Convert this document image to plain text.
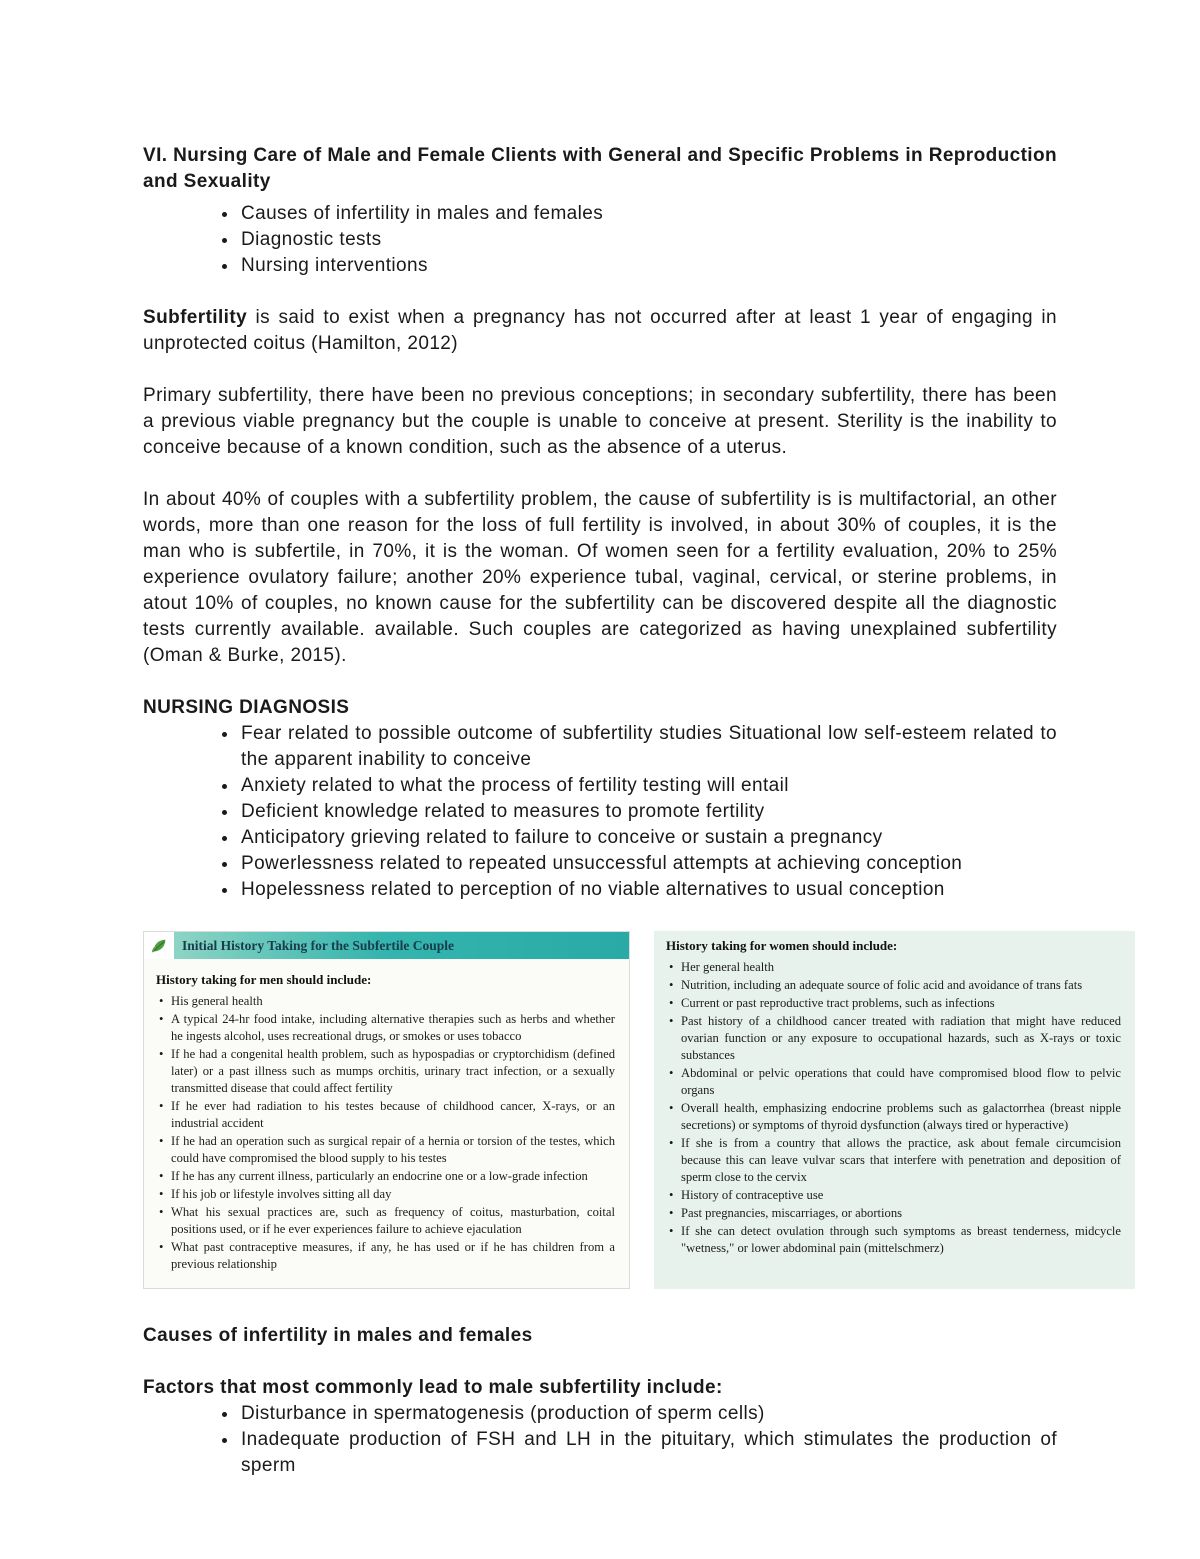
VI. Nursing Care of Male and Female Clients with General and Specific Problems in Reproduction and Sexuality
• Causes of infertility in males and females
• Diagnostic tests
• Nursing interventions

Subfertility is said to exist when a pregnancy has not occurred after at least 1 year of engaging in unprotected coitus (Hamilton, 2012)

Primary subfertility, there have been no previous conceptions; in secondary subfertility, there has been a previous viable pregnancy but the couple is unable to conceive at present. Sterility is the inability to conceive because of a known condition, such as the absence of a uterus.

In about 40% of couples with a subfertility problem, the cause of subfertility is is multifactorial, an other words, more than one reason for the loss of full fertility is involved, in about 30% of couples, it is the man who is subfertile, in 70%, it is the woman. Of women seen for a fertility evaluation, 20% to 25% experience ovulatory failure; another 20% experience tubal, vaginal, cervical, or sterine problems, in atout 10% of couples, no known cause for the subfertility can be discovered despite all the diagnostic tests currently available. available. Such couples are categorized as having unexplained subfertility (Oman & Burke, 2015).

NURSING DIAGNOSIS
• Fear related to possible outcome of subfertility studies Situational low self-esteem related to the apparent inability to conceive
• Anxiety related to what the process of fertility testing will entail
• Deficient knowledge related to measures to promote fertility
• Anticipatory grieving related to failure to conceive or sustain a pregnancy
• Powerlessness related to repeated unsuccessful attempts at achieving conception
• Hopelessness related to perception of no viable alternatives to usual conception
Initial History Taking for the Subfertile Couple

History taking for men should include:

• His general health
• A typical 24-hr food intake, including alternative therapies such as herbs and whether he ingests alcohol, uses recreational drugs, or smokes or uses tobacco
• If he had a congenital health problem, such as hypospadias or cryptorchidism (defined later) or a past illness such as mumps orchitis, urinary tract infection, or a sexually transmitted disease that could affect fertility
• If he ever had radiation to his testes because of childhood cancer, X-rays, or an industrial accident
• If he had an operation such as surgical repair of a hernia or torsion of the testes, which could have compromised the blood supply to his testes
• If he has any current illness, particularly an endocrine one or a low-grade infection
• If his job or lifestyle involves sitting all day
• What his sexual practices are, such as frequency of coitus, masturbation, coital positions used, or if he ever experiences failure to achieve ejaculation
• What past contraceptive measures, if any, he has used or if he has children from a previous relationship

History taking for women should include:

• Her general health
• Nutrition, including an adequate source of folic acid and avoidance of trans fats
• Current or past reproductive tract problems, such as infections
• Past history of a childhood cancer treated with radiation that might have reduced ovarian function or any exposure to occupational hazards, such as X-rays or toxic substances
• Abdominal or pelvic operations that could have compromised blood flow to pelvic organs
• Overall health, emphasizing endocrine problems such as galactorrhea (breast nipple secretions) or symptoms of thyroid dysfunction (always tired or hyperactive)
• If she is from a country that allows the practice, ask about female circumcision because this can leave vulvar scars that interfere with penetration and deposition of sperm close to the cervix
• History of contraceptive use
• Past pregnancies, miscarriages, or abortions
• If she can detect ovulation through such symptoms as breast tenderness, midcycle "wetness," or lower abdominal pain (mittelschmerz)
Causes of infertility in males and females
Factors that most commonly lead to male subfertility include:
• Disturbance in spermatogenesis (production of sperm cells)
• Inadequate production of FSH and LH in the pituitary, which stimulates the production of sperm
